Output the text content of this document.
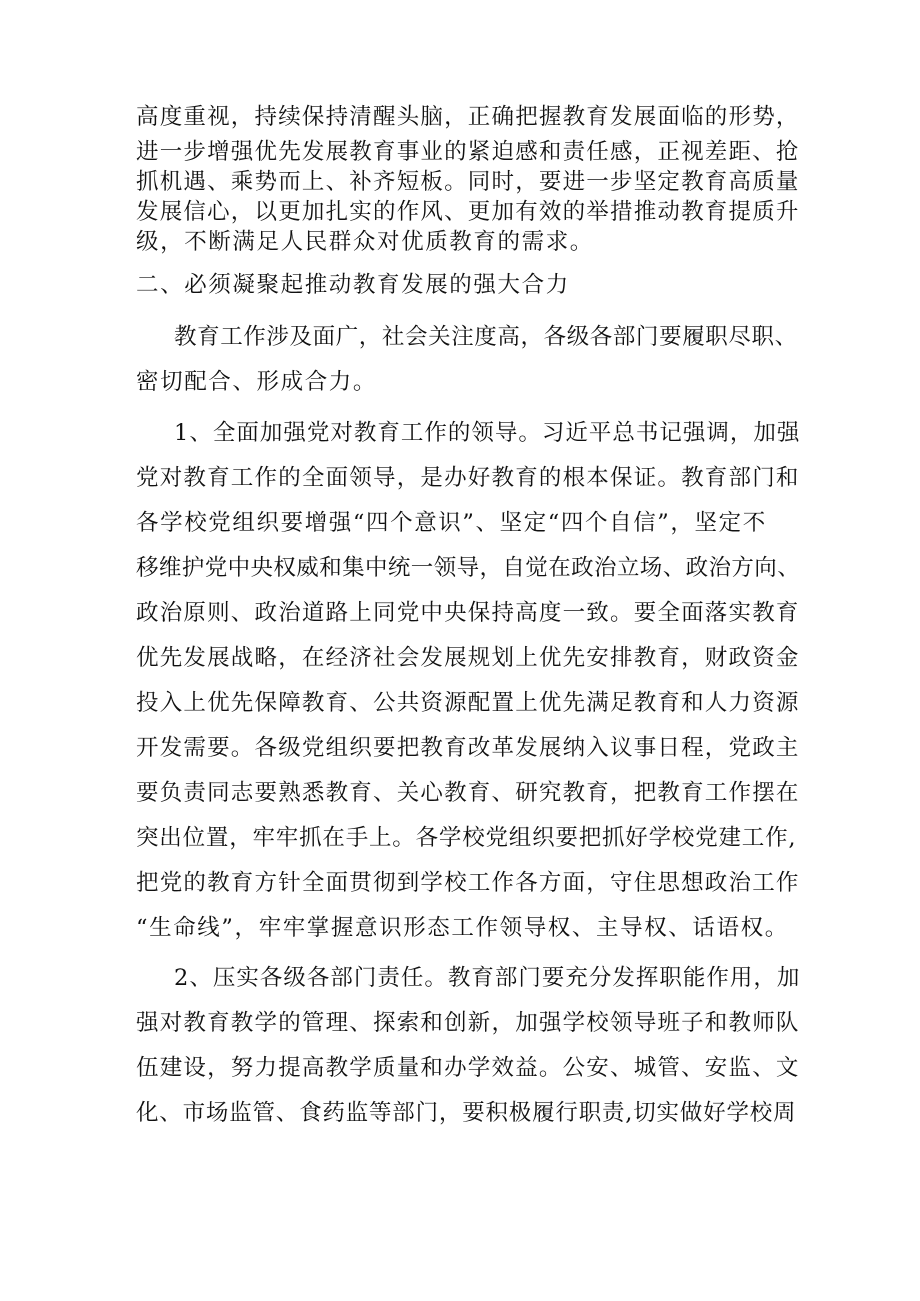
高度重视，持续保持清醒头脑，正确把握教育发展面临的形势，
进一步增强优先发展教育事业的紧迫感和责任感，正视差距、抢
抓机遇、乘势而上、补齐短板。同时，要进一步坚定教育高质量
发展信心，以更加扎实的作风、更加有效的举措推动教育提质升
级，不断满足人民群众对优质教育的需求。
二、必须凝聚起推动教育发展的强大合力
教育工作涉及面广，社会关注度高，各级各部门要履职尽职、
密切配合、形成合力。
1、全面加强党对教育工作的领导。习近平总书记强调，加强
党对教育工作的全面领导，是办好教育的根本保证。教育部门和
各学校党组织要增强“四个意识”、坚定“四个自信”，坚定不
移维护党中央权威和集中统一领导，自觉在政治立场、政治方向、
政治原则、政治道路上同党中央保持高度一致。要全面落实教育
优先发展战略，在经济社会发展规划上优先安排教育，财政资金
投入上优先保障教育、公共资源配置上优先满足教育和人力资源
开发需要。各级党组织要把教育改革发展纳入议事日程，党政主
要负责同志要熟悉教育、关心教育、研究教育，把教育工作摆在
突出位置，牢牢抓在手上。各学校党组织要把抓好学校党建工作,
把党的教育方针全面贯彻到学校工作各方面，守住思想政治工作
“生命线”，牢牢掌握意识形态工作领导权、主导权、话语权。
2、压实各级各部门责任。教育部门要充分发挥职能作用，加
强对教育教学的管理、探索和创新，加强学校领导班子和教师队
伍建设，努力提高教学质量和办学效益。公安、城管、安监、文
化、市场监管、食药监等部门，要积极履行职责,切实做好学校周
